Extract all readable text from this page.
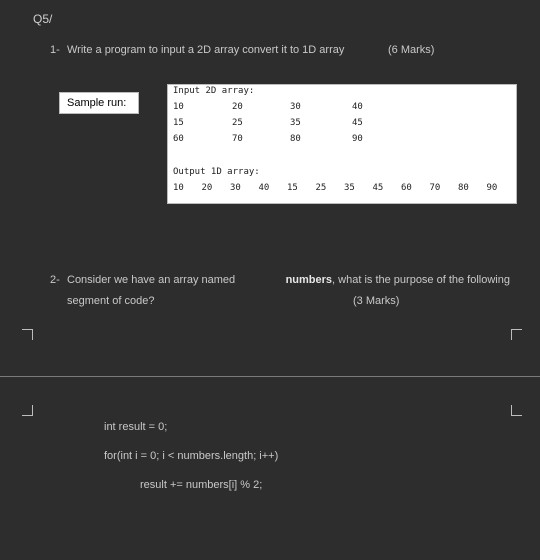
Q5/
1- Write a program to input a 2D array convert it to 1D array	(6 Marks)
Sample run:
Input 2D array:
10	20	30	40
15	25	35	45
60	70	80	90
Output 1D array:
10 20 30 40 15 25 35 45 60 70 80 90
2- Consider we have an array named	numbers, what is the purpose of the following
segment of code?	(3 Marks)
int result = 0;
for(int i = 0; i < numbers.length; i++)
result += numbers[i] % 2;
